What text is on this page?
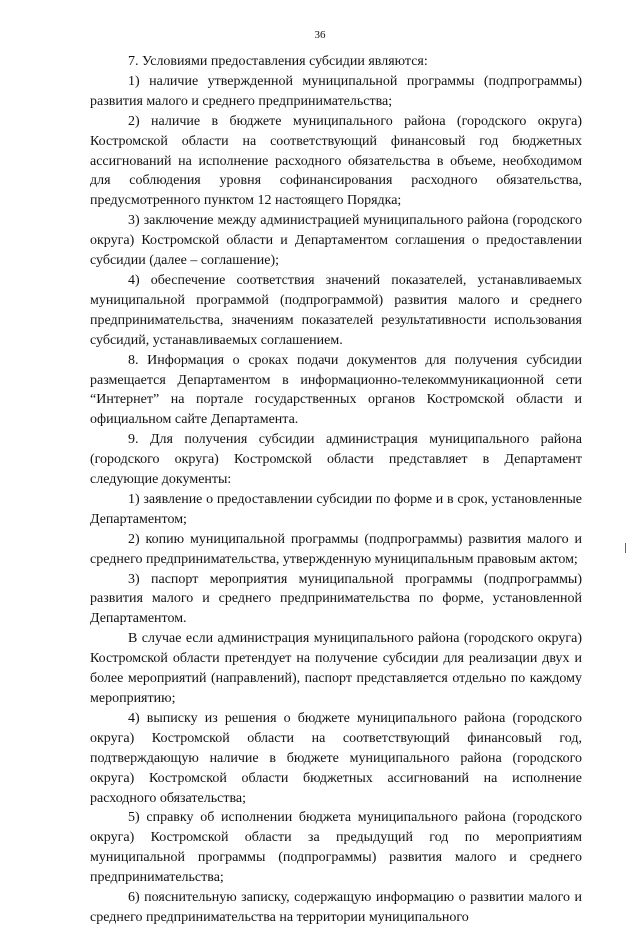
36

7. Условиями предоставления субсидии являются:

1) наличие утвержденной муниципальной программы (подпрограммы) развития малого и среднего предпринимательства;

2) наличие в бюджете муниципального района (городского округа) Костромской области на соответствующий финансовый год бюджетных ассигнований на исполнение расходного обязательства в объеме, необходимом для соблюдения уровня софинансирования расходного обязательства, предусмотренного пунктом 12 настоящего Порядка;

3) заключение между администрацией муниципального района (городского округа) Костромской области и Департаментом соглашения о предоставлении субсидии (далее – соглашение);

4) обеспечение соответствия значений показателей, устанавливаемых муниципальной программой (подпрограммой) развития малого и среднего предпринимательства, значениям показателей результативности использования субсидий, устанавливаемых соглашением.

8. Информация о сроках подачи документов для получения субсидии размещается Департаментом в информационно-телекоммуникационной сети “Интернет” на портале государственных органов Костромской области и официальном сайте Департамента.

9. Для получения субсидии администрация муниципального района (городского округа) Костромской области представляет в Департамент следующие документы:

1) заявление о предоставлении субсидии по форме и в срок, установленные Департаментом;

2) копию муниципальной программы (подпрограммы) развития малого и среднего предпринимательства, утвержденную муниципальным правовым актом;

3) паспорт мероприятия муниципальной программы (подпрограммы) развития малого и среднего предпринимательства по форме, установленной Департаментом.

В случае если администрация муниципального района (городского округа) Костромской области претендует на получение субсидии для реализации двух и более мероприятий (направлений), паспорт представляется отдельно по каждому мероприятию;

4) выписку из решения о бюджете муниципального района (городского округа) Костромской области на соответствующий финансовый год, подтверждающую наличие в бюджете муниципального района (городского округа) Костромской области бюджетных ассигнований на исполнение расходного обязательства;

5) справку об исполнении бюджета муниципального района (городского округа) Костромской области за предыдущий год по мероприятиям муниципальной программы (подпрограммы) развития малого и среднего предпринимательства;

6) пояснительную записку, содержащую информацию о развитии малого и среднего предпринимательства на территории муниципального
